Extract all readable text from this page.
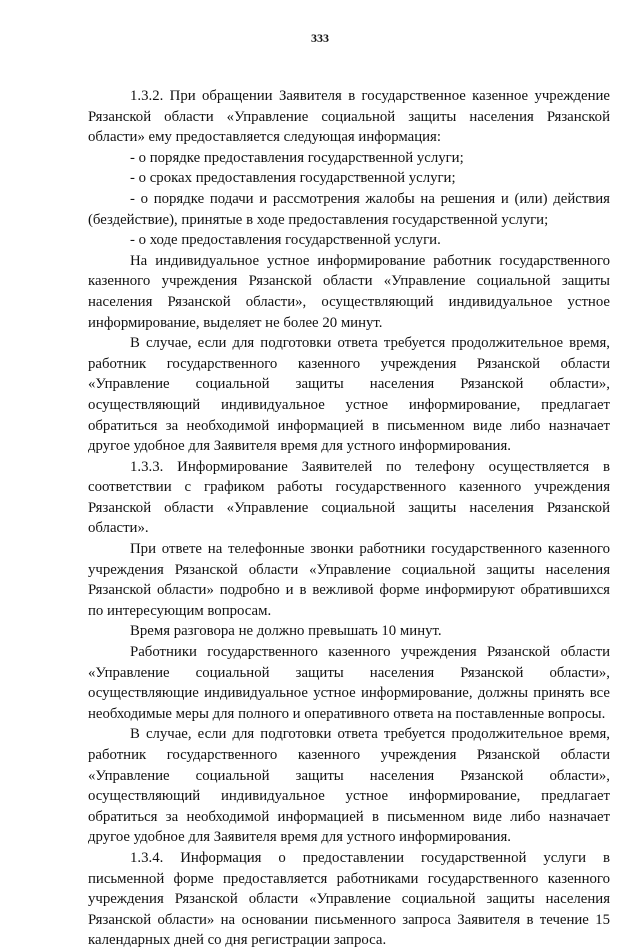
333

1.3.2. При обращении Заявителя в государственное казенное учреждение Рязанской области «Управление социальной защиты населения Рязанской области» ему предоставляется следующая информация:

- о порядке предоставления государственной услуги;

- о сроках предоставления государственной услуги;

- о порядке подачи и рассмотрения жалобы на решения и (или) действия (бездействие), принятые в ходе предоставления государственной услуги;

- о ходе предоставления государственной услуги.

На индивидуальное устное информирование работник государственного казенного учреждения Рязанской области «Управление социальной защиты населения Рязанской области», осуществляющий индивидуальное устное информирование, выделяет не более 20 минут.

В случае, если для подготовки ответа требуется продолжительное время, работник государственного казенного учреждения Рязанской области «Управление социальной защиты населения Рязанской области», осуществляющий индивидуальное устное информирование, предлагает обратиться за необходимой информацией в письменном виде либо назначает другое удобное для Заявителя время для устного информирования.

1.3.3. Информирование Заявителей по телефону осуществляется в соответствии с графиком работы государственного казенного учреждения Рязанской области «Управление социальной защиты населения Рязанской области».

При ответе на телефонные звонки работники государственного казенного учреждения Рязанской области «Управление социальной защиты населения Рязанской области» подробно и в вежливой форме информируют обратившихся по интересующим вопросам.

Время разговора не должно превышать 10 минут.

Работники государственного казенного учреждения Рязанской области «Управление социальной защиты населения Рязанской области», осуществляющие индивидуальное устное информирование, должны принять все необходимые меры для полного и оперативного ответа на поставленные вопросы.

В случае, если для подготовки ответа требуется продолжительное время, работник государственного казенного учреждения Рязанской области «Управление социальной защиты населения Рязанской области», осуществляющий индивидуальное устное информирование, предлагает обратиться за необходимой информацией в письменном виде либо назначает другое удобное для Заявителя время для устного информирования.

1.3.4. Информация о предоставлении государственной услуги в письменной форме предоставляется работниками государственного казенного учреждения Рязанской области «Управление социальной защиты населения Рязанской области» на основании письменного запроса Заявителя в течение 15 календарных дней со дня регистрации запроса.
